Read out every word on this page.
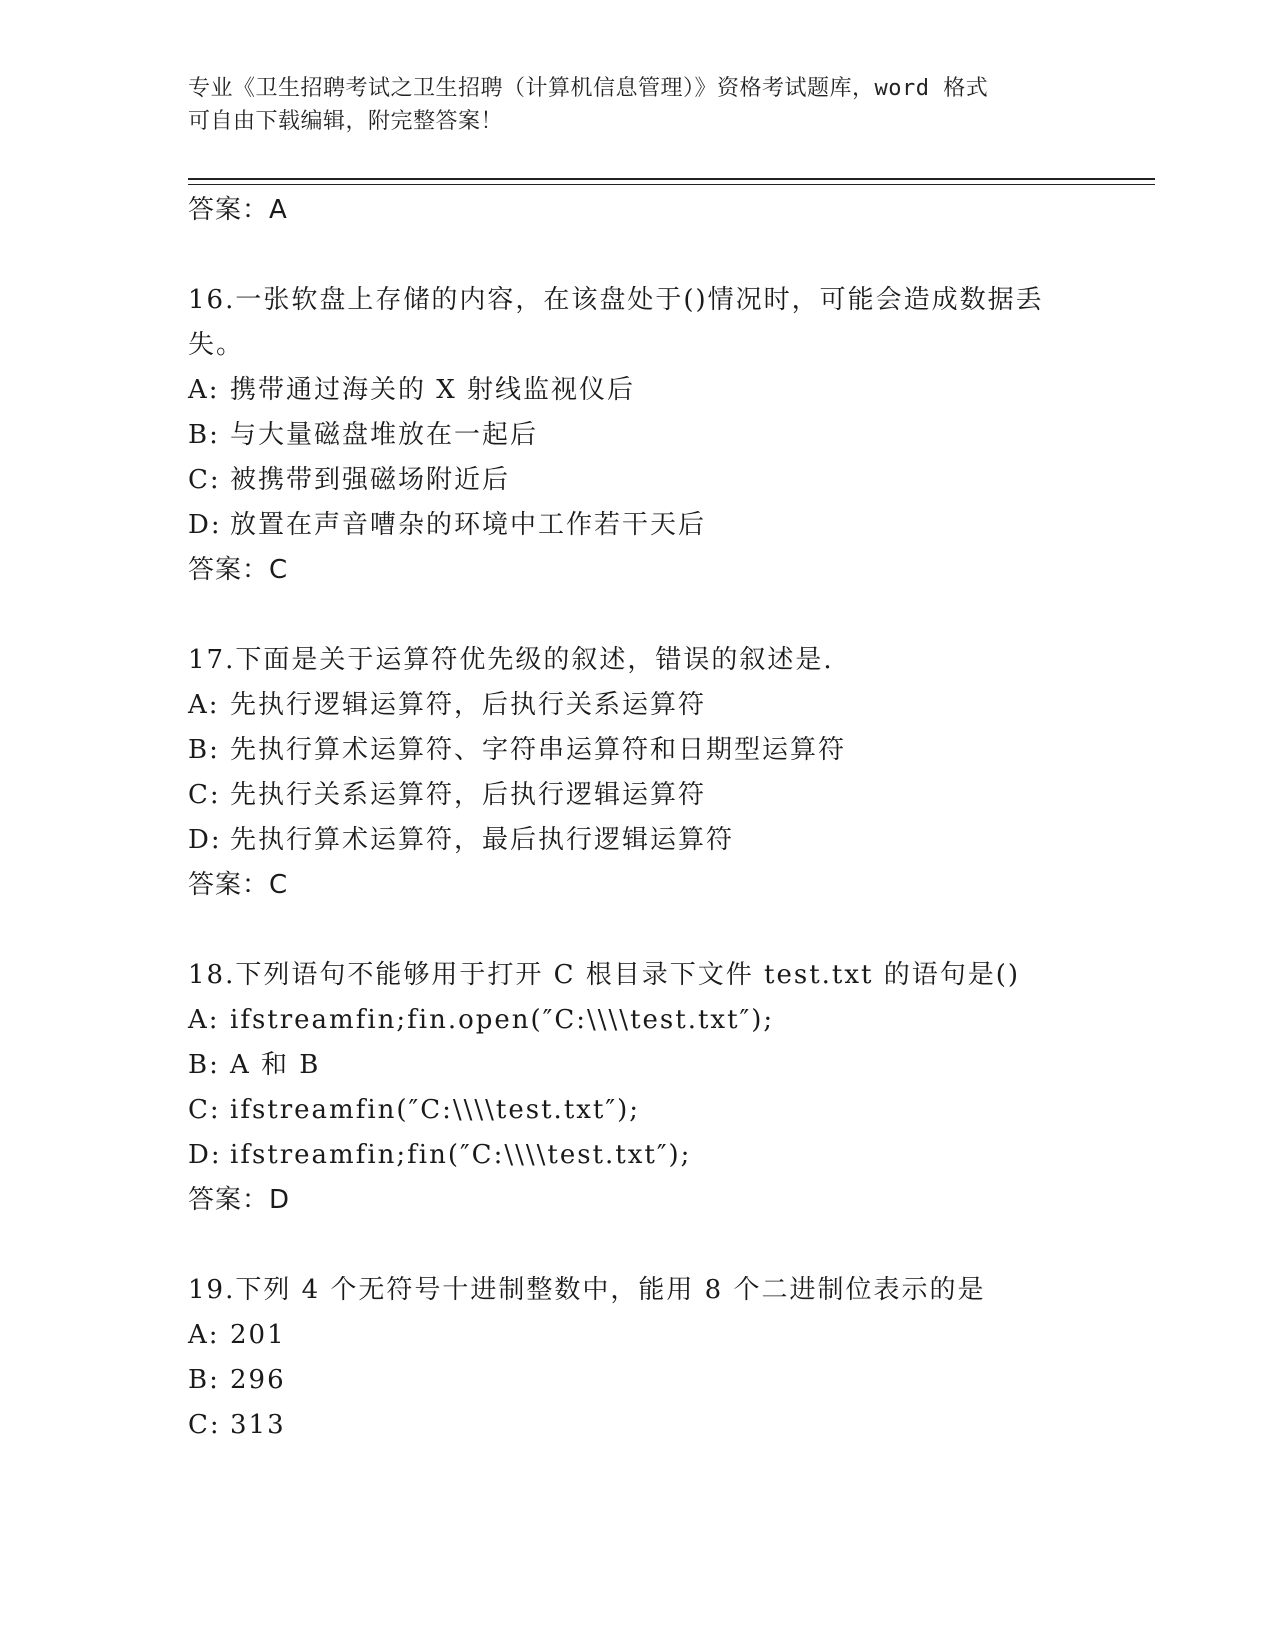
专业《卫生招聘考试之卫生招聘（计算机信息管理）》资格考试题库，word 格式
可自由下载编辑，附完整答案！
答案：A
16.一张软盘上存储的内容，在该盘处于()情况时，可能会造成数据丢
失。
A: 携带通过海关的 X 射线监视仪后
B: 与大量磁盘堆放在一起后
C: 被携带到强磁场附近后
D: 放置在声音嘈杂的环境中工作若干天后
答案：C
17.下面是关于运算符优先级的叙述，错误的叙述是.
A: 先执行逻辑运算符，后执行关系运算符
B: 先执行算术运算符、字符串运算符和日期型运算符
C: 先执行关系运算符，后执行逻辑运算符
D: 先执行算术运算符，最后执行逻辑运算符
答案：C
18.下列语句不能够用于打开 C 根目录下文件 test.txt 的语句是()
A: ifstreamfin;fin.open(″C:\\\\test.txt″);
B: A 和 B
C: ifstreamfin(″C:\\\\test.txt″);
D: ifstreamfin;fin(″C:\\\\test.txt″);
答案：D
19.下列 4 个无符号十进制整数中，能用 8 个二进制位表示的是
A: 201
B: 296
C: 313
